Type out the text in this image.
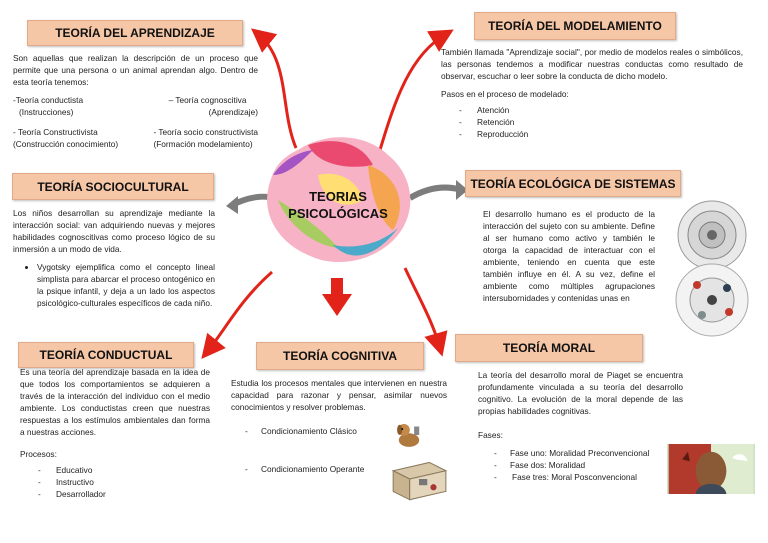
TEORIAS
PSICOLÓGICAS
TEORÍA DEL APRENDIZAJE

Son aquellas que realizan la descripción de un proceso que permite que una persona o un animal aprendan algo. Dentro de esta teoría tenemos:

-Teoría conductista
(Instrucciones)
– Teoría cognoscitiva
(Aprendizaje)
- Teoría Constructivista
(Construcción conocimiento)
- Teoría socio constructivista
(Formación modelamiento)
TEORÍA DEL MODELAMIENTO

También llamada "Aprendizaje social", por medio de modelos reales o simbólicos, las personas tendemos a modificar nuestras conductas como resultado de observar, escuchar o leer sobre la conducta de dicho modelo.

Pasos en el proceso de modelado:

- Atención
- Retención
- Reproducción
TEORÍA SOCIOCULTURAL

Los niños desarrollan su aprendizaje mediante la interacción social: van adquiriendo nuevas y mejores habilidades cognoscitivas como proceso lógico de su inmersión a un modo de vida.

• Vygotsky ejemplifica como el concepto lineal simplista para abarcar el proceso ontogénico en la psique infantil, y deja a un lado los aspectos psicológico-culturales específicos de cada niño.
TEORÍA ECOLÓGICA DE SISTEMAS

El desarrollo humano es el producto de la interacción del sujeto con su ambiente. Define al ser humano como activo y también le otorga la capacidad de interactuar con el ambiente, teniendo en cuenta que este también influye en él. A su vez, define el ambiente como múltiples agrupaciones intersubornidades y contenidas unas en

TEORÍA CONDUCTUAL

Es una teoría del aprendizaje basada en la idea de que todos los comportamientos se adquieren a través de la interacción del individuo con el medio ambiente. Los conductistas creen que nuestras respuestas a los estímulos ambientales dan forma a nuestras acciones.

Procesos:

- Educativo
- Instructivo
- Desarrollador
TEORÍA COGNITIVA

Estudia los procesos mentales que intervienen en nuestra capacidad para razonar y pensar, asimilar nuevos conocimientos y resolver problemas.

- Condicionamiento Clásico
- Condicionamiento Operante
TEORÍA MORAL

La teoría del desarrollo moral de Piaget se encuentra profundamente vinculada a su teoría del desarrollo cognitivo. La evolución de la moral depende de las propias habilidades cognitivas.

Fases:

- Fase uno: Moralidad Preconvencional
- Fase dos: Moralidad
- Fase tres: Moral Posconvencional
